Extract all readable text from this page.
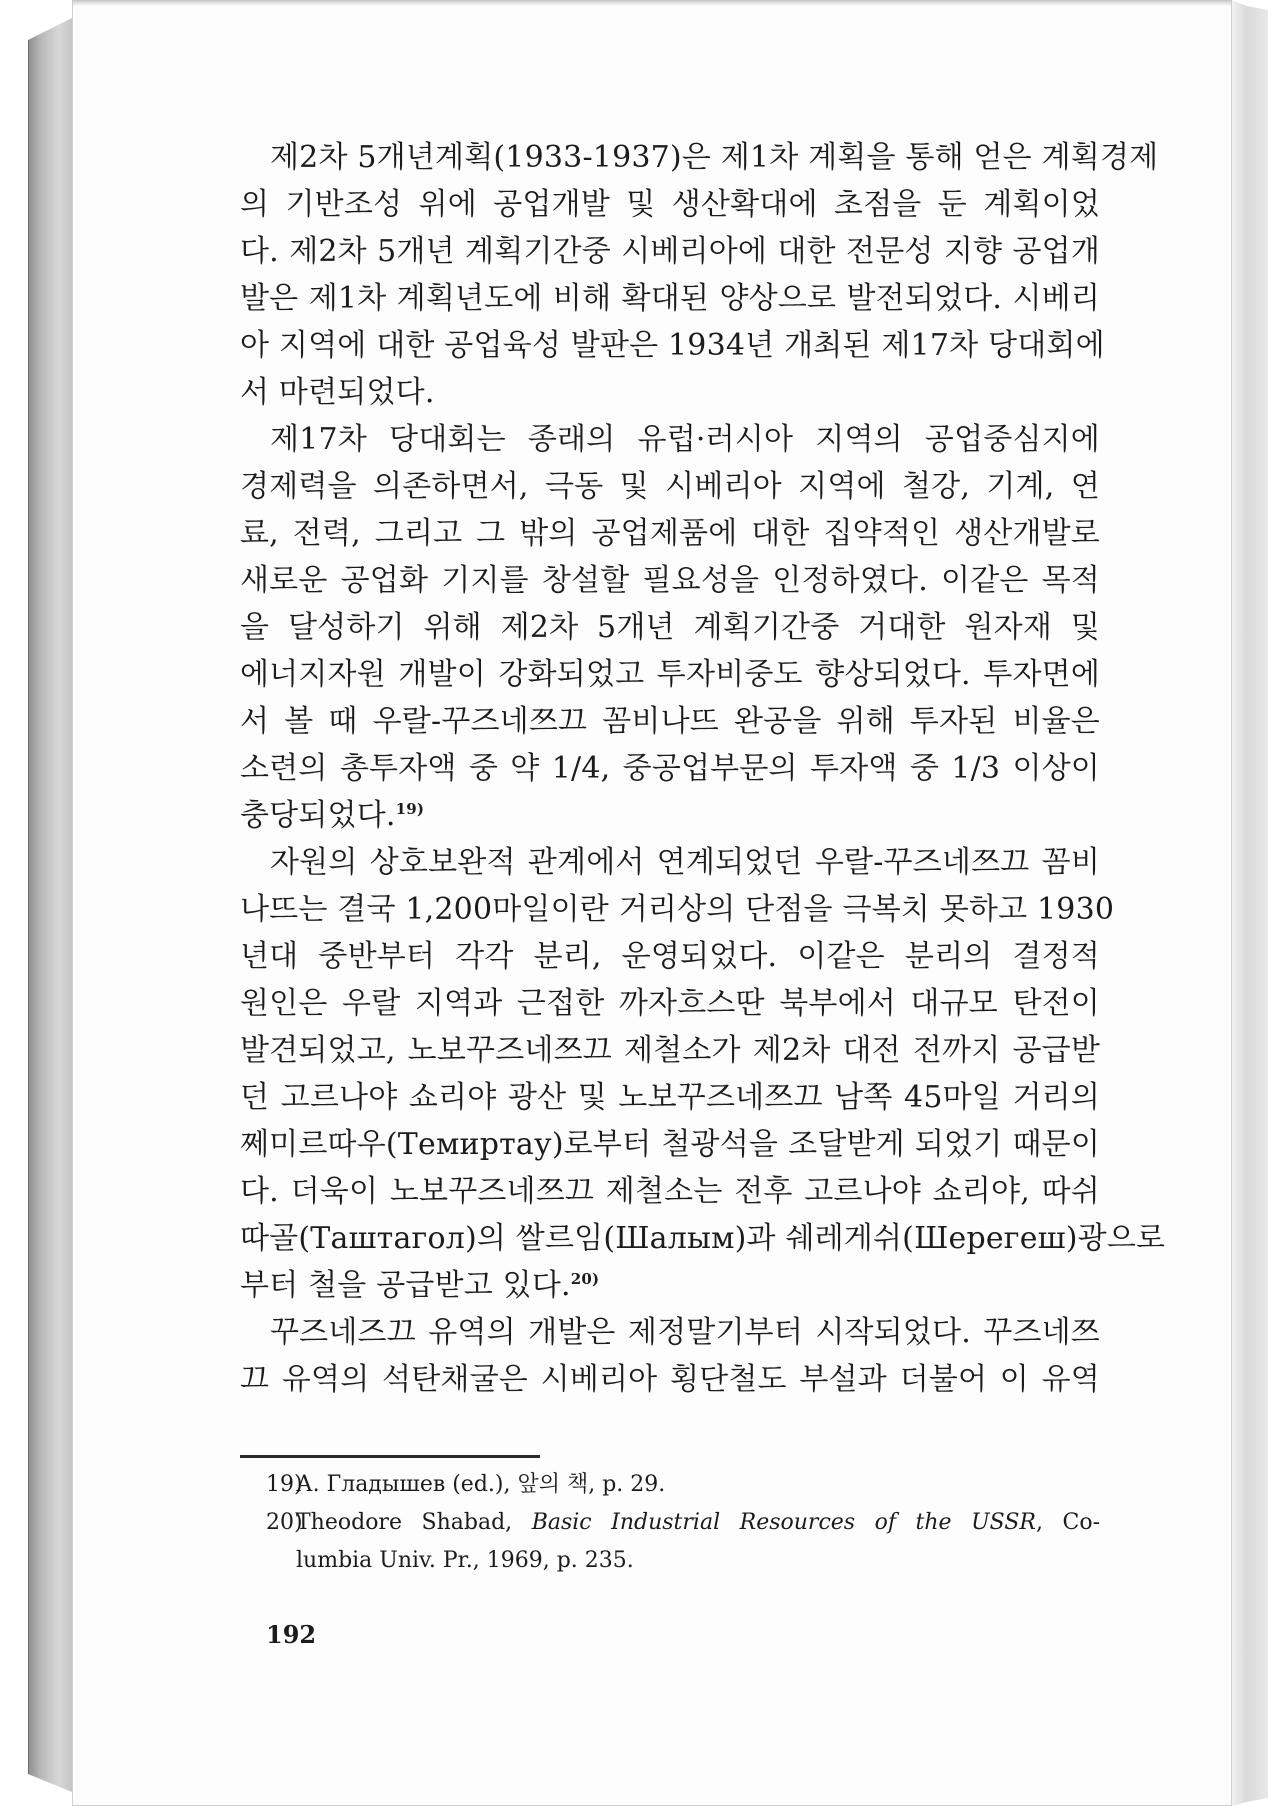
제2차 5개년계획(1933-1937)은 제1차 계획을 통해 얻은 계획경제
의 기반조성 위에 공업개발 및 생산확대에 초점을 둔 계획이었
다. 제2차 5개년 계획기간중 시베리아에 대한 전문성 지향 공업개
발은 제1차 계획년도에 비해 확대된 양상으로 발전되었다. 시베리
아 지역에 대한 공업육성 발판은 1934년 개최된 제17차 당대회에
서 마련되었다.
제17차 당대회는 종래의 유럽·러시아 지역의 공업중심지에
경제력을 의존하면서, 극동 및 시베리아 지역에 철강, 기계, 연
료, 전력, 그리고 그 밖의 공업제품에 대한 집약적인 생산개발로
새로운 공업화 기지를 창설할 필요성을 인정하였다. 이같은 목적
을 달성하기 위해 제2차 5개년 계획기간중 거대한 원자재 및
에너지자원 개발이 강화되었고 투자비중도 향상되었다. 투자면에
서 볼 때 우랄-꾸즈네쯔끄 꼼비나뜨 완공을 위해 투자된 비율은
소련의 총투자액 중 약 1/4, 중공업부문의 투자액 중 1/3 이상이
충당되었다.$^{19)}$
자원의 상호보완적 관계에서 연계되었던 우랄-꾸즈네쯔끄 꼼비
나뜨는 결국 1,200마일이란 거리상의 단점을 극복치 못하고 1930
년대 중반부터 각각 분리, 운영되었다. 이같은 분리의 결정적
원인은 우랄 지역과 근접한 까자흐스딴 북부에서 대규모 탄전이
발견되었고, 노보꾸즈네쯔끄 제철소가 제2차 대전 전까지 공급받
던 고르나야 쇼리야 광산 및 노보꾸즈네쯔끄 남쪽 45마일 거리의
쩨미르따우(Темиртау)로부터 철광석을 조달받게 되었기 때문이
다. 더욱이 노보꾸즈네쯔끄 제철소는 전후 고르나야 쇼리야, 따쉬
따골(Таштагол)의 쌀르임(Шалым)과 쉐레게쉬(Шерегеш)광으로
부터 철을 공급받고 있다.$^{20)}$
꾸즈네즈끄 유역의 개발은 제정말기부터 시작되었다. 꾸즈네쯔
끄 유역의 석탄채굴은 시베리아 횡단철도 부설과 더불어 이 유역
19)
А. Гладышев (ed.), 앞의 책, p. 29.
20)
Theodore Shabad, Basic Industrial Resources of the USSR, Co-
lumbia Univ. Pr., 1969, p. 235.
192
